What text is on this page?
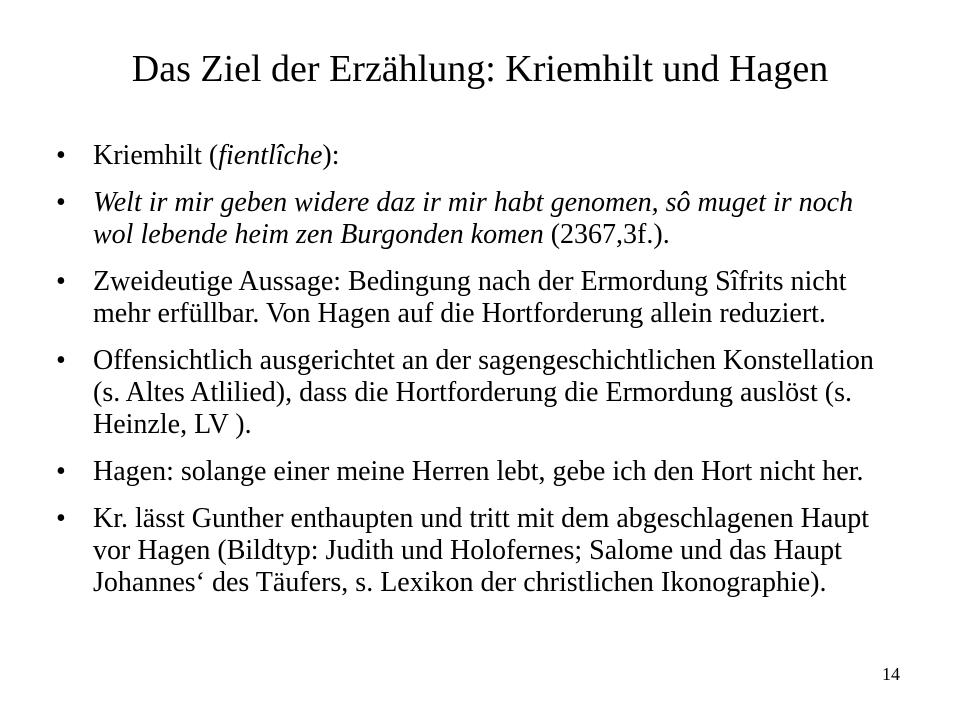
Das Ziel der Erzählung: Kriemhilt und Hagen
• Kriemhilt (fientlîche):
• Welt ir mir geben widere daz ir mir habt genomen, sô muget ir noch wol lebende heim zen Burgonden komen (2367,3f.).
• Zweideutige Aussage: Bedingung nach der Ermordung Sîfrits nicht mehr erfüllbar. Von Hagen auf die Hortforderung allein reduziert.
• Offensichtlich ausgerichtet an der sagengeschichtlichen Konstellation (s. Altes Atlilied), dass die Hortforderung die Ermordung auslöst (s. Heinzle, LV ).
• Hagen: solange einer meine Herren lebt, gebe ich den Hort nicht her.
• Kr. lässt Gunther enthaupten und tritt mit dem abgeschlagenen Haupt vor Hagen (Bildtyp: Judith und Holofernes; Salome und das Haupt Johannes‘ des Täufers, s. Lexikon der christlichen Ikonographie).
14
